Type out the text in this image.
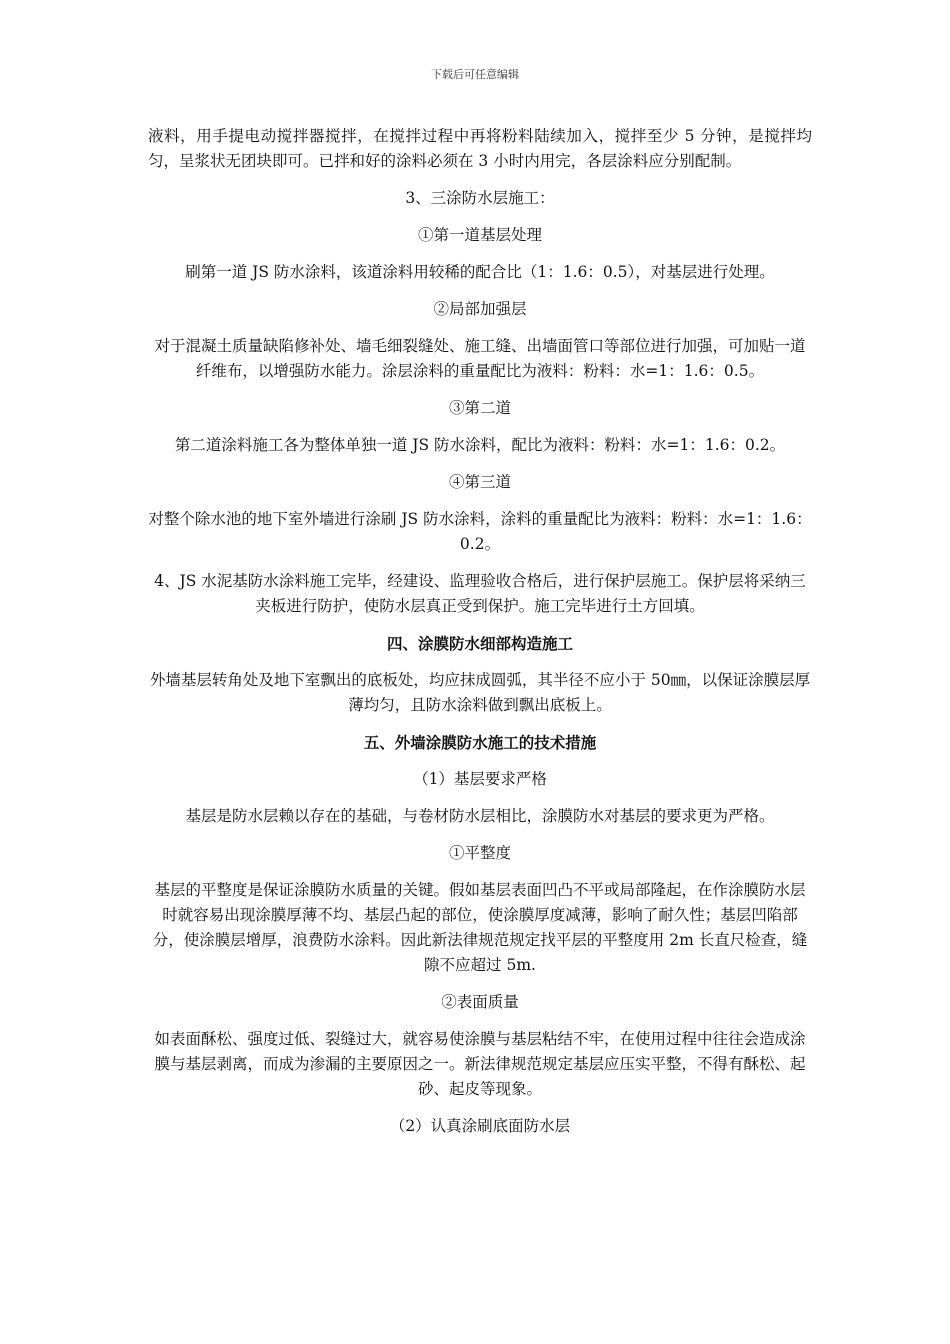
下载后可任意编辑

液料，用手提电动搅拌器搅拌，在搅拌过程中再将粉料陆续加入，搅拌至少 5 分钟，是搅拌均匀，呈浆状无团块即可。已拌和好的涂料必须在 3 小时内用完，各层涂料应分别配制。

3、三涂防水层施工：

①第一道基层处理

刷第一道 JS 防水涂料，该道涂料用较稀的配合比（1：1.6：0.5），对基层进行处理。

②局部加强层

对于混凝土质量缺陷修补处、墙毛细裂缝处、施工缝、出墙面管口等部位进行加强，可加贴一道纤维布，以增强防水能力。涂层涂料的重量配比为液料：粉料：水=1：1.6：0.5。

③第二道

第二道涂料施工各为整体单独一道 JS 防水涂料，配比为液料：粉料：水=1：1.6：0.2。

④第三道

对整个除水池的地下室外墙进行涂刷 JS 防水涂料，涂料的重量配比为液料：粉料：水=1：1.6：0.2。

4、JS 水泥基防水涂料施工完毕，经建设、监理验收合格后，进行保护层施工。保护层将采纳三夹板进行防护，使防水层真正受到保护。施工完毕进行土方回填。

四、涂膜防水细部构造施工

外墙基层转角处及地下室飘出的底板处，均应抹成圆弧，其半径不应小于 50㎜，以保证涂膜层厚薄均匀，且防水涂料做到飘出底板上。

五、外墙涂膜防水施工的技术措施

（1）基层要求严格

基层是防水层赖以存在的基础，与卷材防水层相比，涂膜防水对基层的要求更为严格。

①平整度

基层的平整度是保证涂膜防水质量的关键。假如基层表面凹凸不平或局部隆起，在作涂膜防水层时就容易出现涂膜厚薄不均、基层凸起的部位，使涂膜厚度减薄，影响了耐久性；基层凹陷部分，使涂膜层增厚，浪费防水涂料。因此新法律规范规定找平层的平整度用 2m 长直尺检查，缝隙不应超过 5m.

②表面质量

如表面酥松、强度过低、裂缝过大，就容易使涂膜与基层粘结不牢，在使用过程中往往会造成涂膜与基层剥离，而成为渗漏的主要原因之一。新法律规范规定基层应压实平整，不得有酥松、起砂、起皮等现象。

（2）认真涂刷底面防水层
